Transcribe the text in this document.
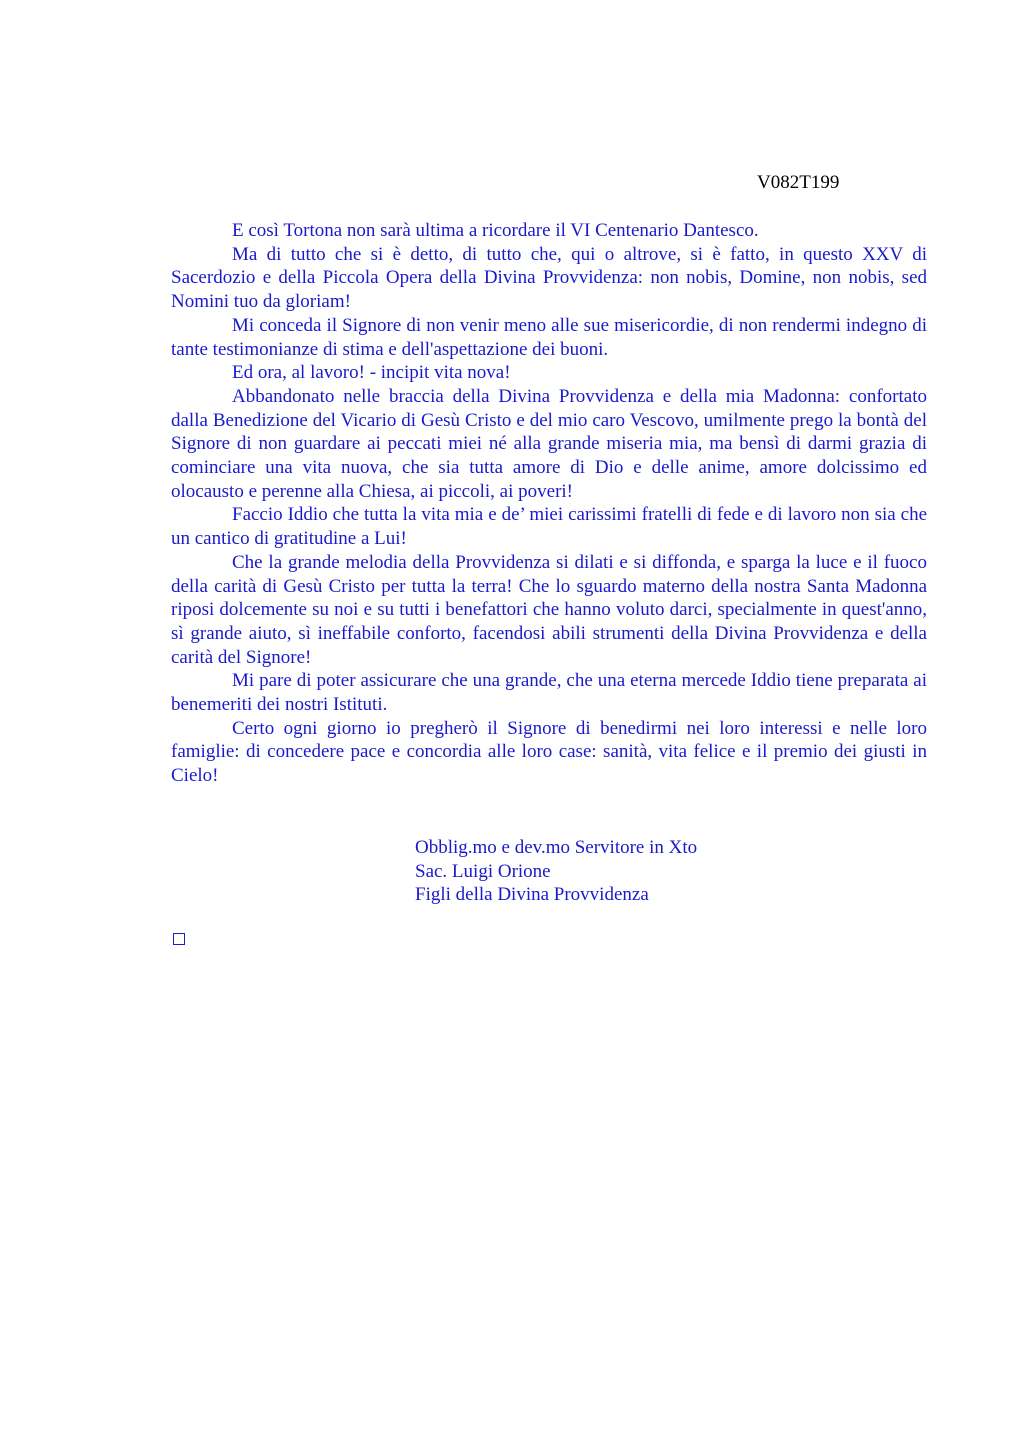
V082T199

E così Tortona non sarà ultima a ricordare il VI Centenario Dantesco.

Ma di tutto che si è detto, di tutto che, qui o altrove, si è fatto, in questo XXV di Sacerdozio e della Piccola Opera della Divina Provvidenza: non nobis, Domine, non nobis, sed Nomini tuo da gloriam!

Mi conceda il Signore di non venir meno alle sue misericordie, di non rendermi indegno di tante testimonianze di stima e dell'aspettazione dei buoni.

Ed ora, al lavoro! - incipit vita nova!

Abbandonato nelle braccia della Divina Provvidenza e della mia Madonna: confortato dalla Benedizione del Vicario di Gesù Cristo e del mio caro Vescovo, umilmente prego la bontà del Signore di non guardare ai peccati miei né alla grande miseria mia, ma bensì di darmi grazia di cominciare una vita nuova, che sia tutta amore di Dio e delle anime, amore dolcissimo ed olocausto e perenne alla Chiesa, ai piccoli, ai poveri!

Faccio Iddio che tutta la vita mia e de’ miei carissimi fratelli di fede e di lavoro non sia che un cantico di gratitudine a Lui!

Che la grande melodia della Provvidenza si dilati e si diffonda, e sparga la luce e il fuoco della carità di Gesù Cristo per tutta la terra! Che lo sguardo materno della nostra Santa Madonna riposi dolcemente su noi e su tutti i benefattori che hanno voluto darci, specialmente in quest'anno, sì grande aiuto, sì ineffabile conforto, facendosi abili strumenti della Divina Provvidenza e della carità del Signore!

Mi pare di poter assicurare che una grande, che una eterna mercede Iddio tiene preparata ai benemeriti dei nostri Istituti.

Certo ogni giorno io pregherò il Signore di benedirmi nei loro interessi e nelle loro famiglie: di concedere pace e concordia alle loro case: sanità, vita felice e il premio dei giusti in Cielo!

Obblig.mo e dev.mo Servitore in Xto
Sac. Luigi Orione
Figli della Divina Provvidenza
